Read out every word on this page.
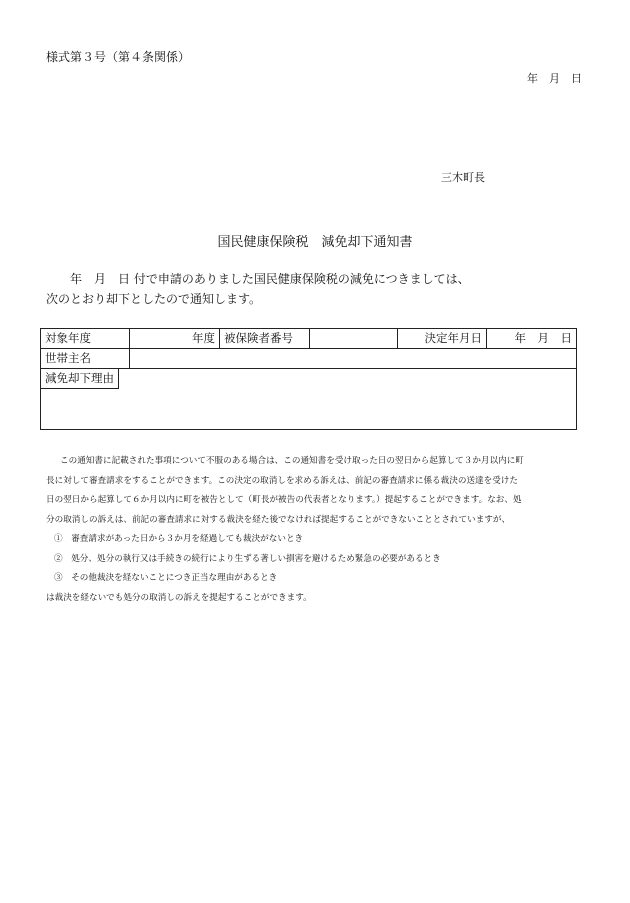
様式第３号（第４条関係）
年　月　日
三木町長
国民健康保険税　減免却下通知書
年　月　日 付で申請のありました国民健康保険税の減免につきましては、
次のとおり却下としたので通知します。
対象年度	年度	被保険者番号		決定年月日	年　月　日
世帯主名					
減免却下理由					

この通知書に記載された事項について不服のある場合は、この通知書を受け取った日の翌日から起算して３か月以内に町

長に対して審査請求をすることができます。この決定の取消しを求める訴えは、前記の審査請求に係る裁決の送達を受けた

日の翌日から起算して６か月以内に町を被告として（町長が被告の代表者となります。）提起することができます。なお、処

分の取消しの訴えは、前記の審査請求に対する裁決を経た後でなければ提起することができないこととされていますが、

①　審査請求があった日から３か月を経過しても裁決がないとき

②　処分、処分の執行又は手続きの続行により生ずる著しい損害を避けるため緊急の必要があるとき

③　その他裁決を経ないことにつき正当な理由があるとき

は裁決を経ないでも処分の取消しの訴えを提起することができます。
